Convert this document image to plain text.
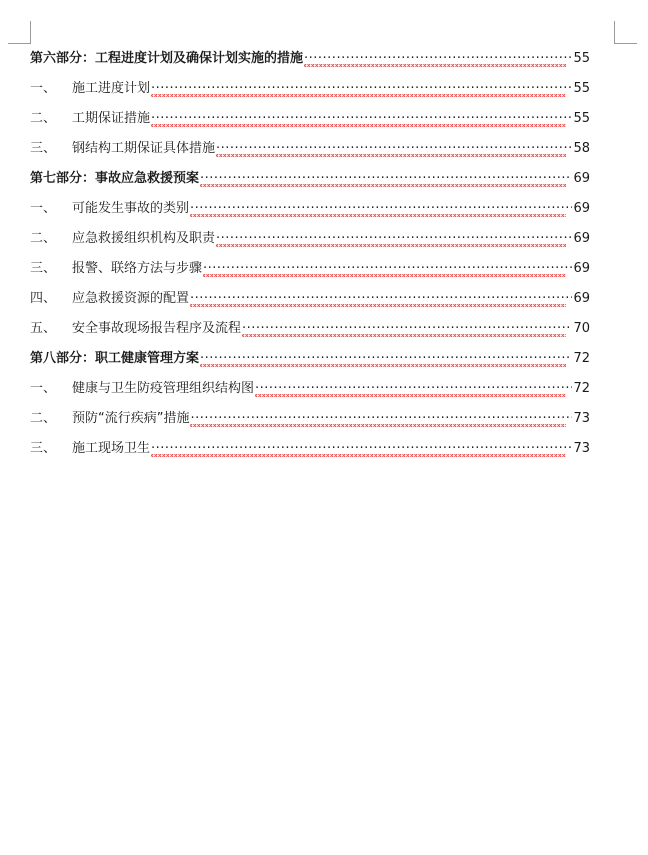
第六部分：工程进度计划及确保计划实施的措施 ·····	55
一、	施工进度计划 ·····	55
二、	工期保证措施 ·····	55
三、	钢结构工期保证具体措施 ·····	58
第七部分：事故应急救援预案 ·····	69
一、	可能发生事故的类别 ·····	69
二、	应急救援组织机构及职责 ·····	69
三、	报警、联络方法与步骤 ·····	69
四、	应急救援资源的配置 ·····	69
五、	安全事故现场报告程序及流程 ·····	70
第八部分：职工健康管理方案 ·····	72
一、	健康与卫生防疫管理组织结构图 ·····	72
二、	预防“流行疾病”措施 ·····	73
三、	施工现场卫生 ·····	73
